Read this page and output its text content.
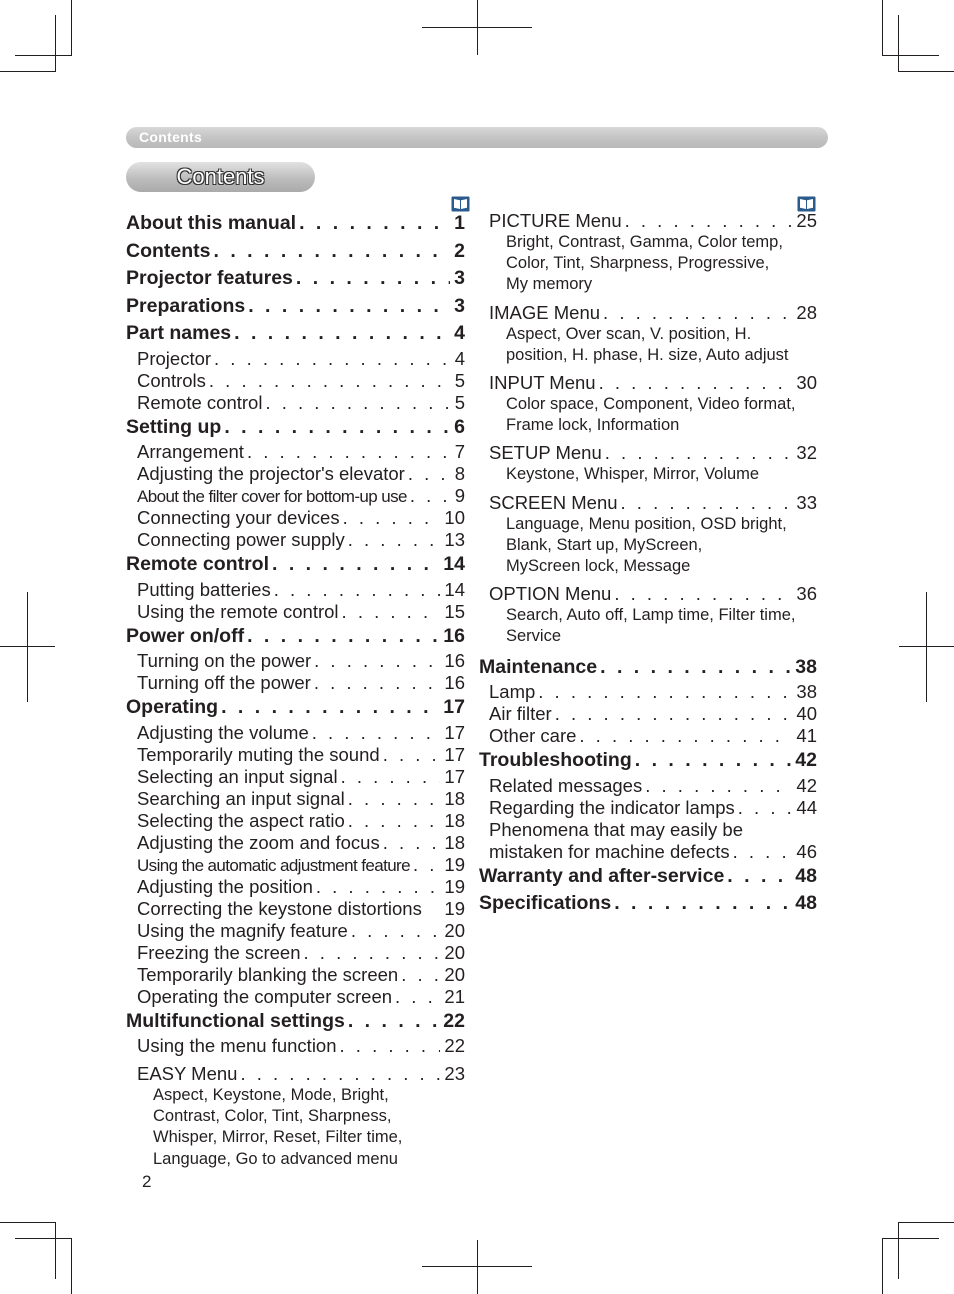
Contents
Contents
About this manual . . .	1
Contents . . .	2
Projector features . . .	3
Preparations . . .	3
Part names . . .	4
Projector . . .	4
Controls . . .	5
Remote control . . .	5
Setting up . . .	6
Arrangement . . .	7
Adjusting the projector's elevator . . .	8
About the filter cover for bottom-up use . . .	9
Connecting your devices . . .	10
Connecting power supply . . .	13
Remote control . . .	14
Putting batteries . . .	14
Using the remote control . . .	15
Power on/off . . .	16
Turning on the power . . .	16
Turning off the power . . .	16
Operating . . .	17
Adjusting the volume . . .	17
Temporarily muting the sound . . .	17
Selecting an input signal . . .	17
Searching an input signal . . .	18
Selecting the aspect ratio . . .	18
Adjusting the zoom and focus . . .	18
Using the automatic adjustment feature . . . 19
Adjusting the position . . .	19
Correcting the keystone distortions 19
Using the magnify feature . . .	20
Freezing the screen . . .	20
Temporarily blanking the screen . . . 20
Operating the computer screen . . .	21
Multifunctional settings . . .	22
Using the menu function . . .	22
EASY Menu . . .	23
Aspect, Keystone, Mode, Bright,
Contrast, Color, Tint, Sharpness,
Whisper, Mirror, Reset, Filter time,
Language, Go to advanced menu
PICTURE Menu . . .	25
Bright, Contrast, Gamma, Color temp,
Color, Tint, Sharpness, Progressive,
My memory
IMAGE Menu . . .	28
Aspect, Over scan, V. position, H.
position, H. phase, H. size, Auto adjust
INPUT Menu . . .	30
Color space, Component, Video format,
Frame lock, Information
SETUP Menu . . .	32
Keystone, Whisper, Mirror, Volume
SCREEN Menu . . .	33
Language, Menu position, OSD bright,
Blank, Start up, MyScreen,
MyScreen lock, Message
OPTION Menu . . .	36
Search, Auto off, Lamp time, Filter time,
Service
Maintenance . . .	38
Lamp . . .	38
Air filter . . .	40
Other care . . .	41
Troubleshooting . . .	42
Related messages . . .	42
Regarding the indicator lamps . . .	44
Phenomena that may easily be
mistaken for machine defects . . .	46
Warranty and after-service . . .	48
Specifications . . .	48
2
